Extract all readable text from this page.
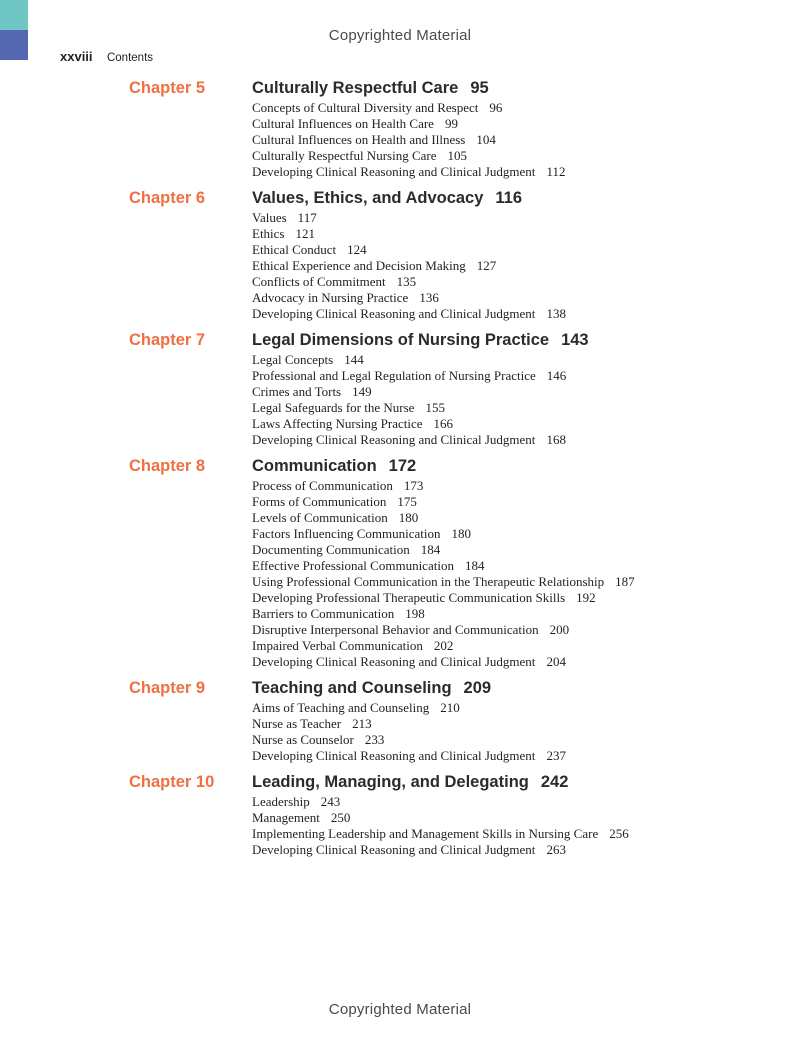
Copyrighted Material
xxviii Contents
Chapter 5	Culturally Respectful Care 95
Concepts of Cultural Diversity and Respect 96
Cultural Influences on Health Care 99
Cultural Influences on Health and Illness 104
Culturally Respectful Nursing Care 105
Developing Clinical Reasoning and Clinical Judgment 112
Chapter 6	Values, Ethics, and Advocacy 116
Values 117
Ethics 121
Ethical Conduct 124
Ethical Experience and Decision Making 127
Conflicts of Commitment 135
Advocacy in Nursing Practice 136
Developing Clinical Reasoning and Clinical Judgment 138
Chapter 7	Legal Dimensions of Nursing Practice 143
Legal Concepts 144
Professional and Legal Regulation of Nursing Practice 146
Crimes and Torts 149
Legal Safeguards for the Nurse 155
Laws Affecting Nursing Practice 166
Developing Clinical Reasoning and Clinical Judgment 168
Chapter 8	Communication 172
Process of Communication 173
Forms of Communication 175
Levels of Communication 180
Factors Influencing Communication 180
Documenting Communication 184
Effective Professional Communication 184
Using Professional Communication in the Therapeutic Relationship 187
Developing Professional Therapeutic Communication Skills 192
Barriers to Communication 198
Disruptive Interpersonal Behavior and Communication 200
Impaired Verbal Communication 202
Developing Clinical Reasoning and Clinical Judgment 204
Chapter 9	Teaching and Counseling 209
Aims of Teaching and Counseling 210
Nurse as Teacher 213
Nurse as Counselor 233
Developing Clinical Reasoning and Clinical Judgment 237
Chapter 10 Leading, Managing, and Delegating 242
Leadership 243
Management 250
Implementing Leadership and Management Skills in Nursing Care 256
Developing Clinical Reasoning and Clinical Judgment 263
Copyrighted Material
